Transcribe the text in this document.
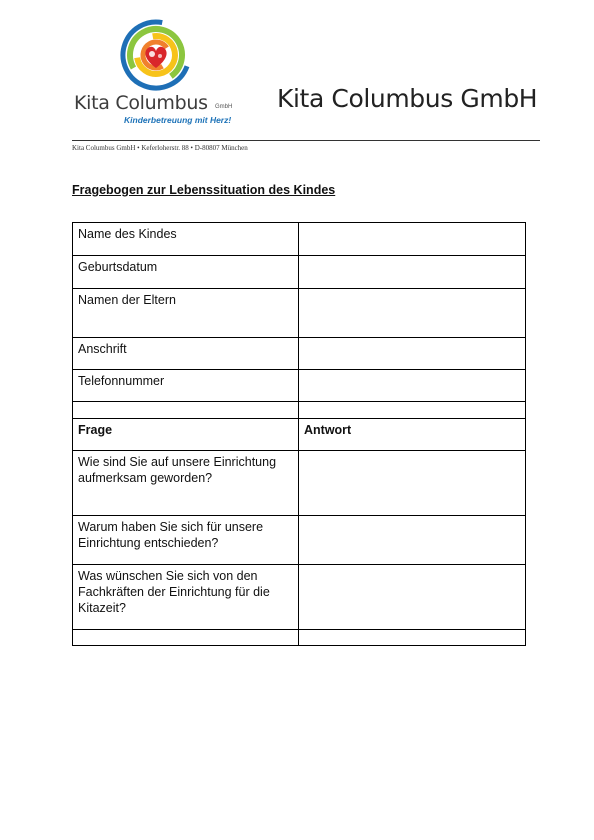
Kita Columbus GmbH
Kinderbetreuung mit Herz!
Kita Columbus GmbH
Kita Columbus GmbH • Keferloherstr. 88 • D-80807 München
Fragebogen zur Lebenssituation des Kindes
Name des Kindes	
Geburtsdatum	
Namen der Eltern	
Anschrift	
Telefonnummer	

Frage	Antwort
Wie sind Sie auf unsere Einrichtung aufmerksam geworden?	
Warum haben Sie sich für unsere Einrichtung entschieden?	
Was wünschen Sie sich von den Fachkräften der Einrichtung für die Kitazeit?	
